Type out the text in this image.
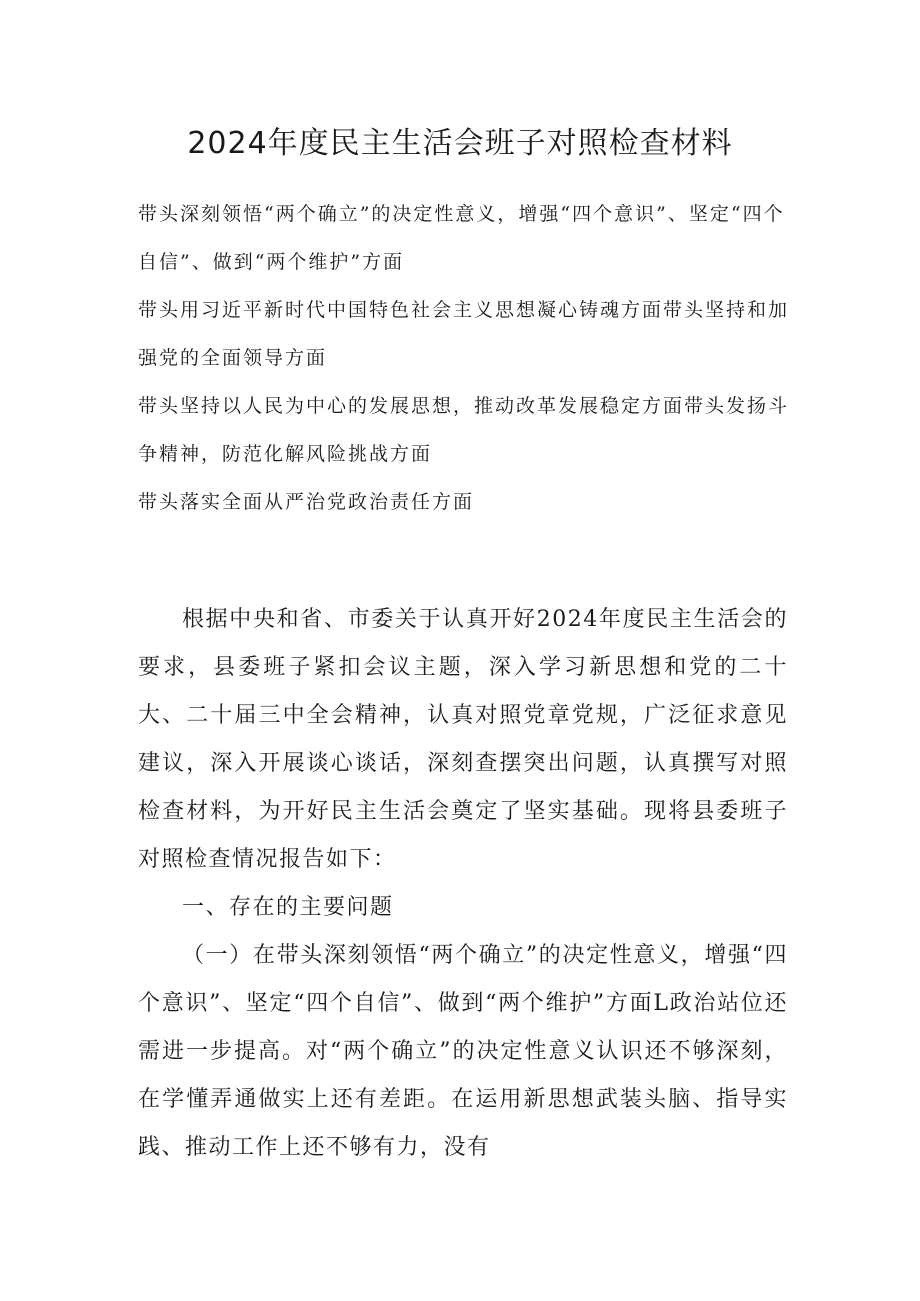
2024年度民主生活会班子对照检查材料
带头深刻领悟“两个确立”的决定性意义，增强“四个意识”、坚定“四个自信”、做到“两个维护”方面
带头用习近平新时代中国特色社会主义思想凝心铸魂方面带头坚持和加强党的全面领导方面
带头坚持以人民为中心的发展思想，推动改革发展稳定方面带头发扬斗争精神，防范化解风险挑战方面
带头落实全面从严治党政治责任方面

根据中央和省、市委关于认真开好2024年度民主生活会的要求，县委班子紧扣会议主题，深入学习新思想和党的二十大、二十届三中全会精神，认真对照党章党规，广泛征求意见建议，深入开展谈心谈话，深刻查摆突出问题，认真撰写对照检查材料，为开好民主生活会奠定了坚实基础。现将县委班子对照检查情况报告如下：

一、存在的主要问题

（一）在带头深刻领悟“两个确立”的决定性意义，增强“四个意识”、坚定“四个自信”、做到“两个维护”方面L政治站位还需进一步提高。对“两个确立”的决定性意义认识还不够深刻，在学懂弄通做实上还有差距。在运用新思想武装头脑、指导实践、推动工作上还不够有力，没有
